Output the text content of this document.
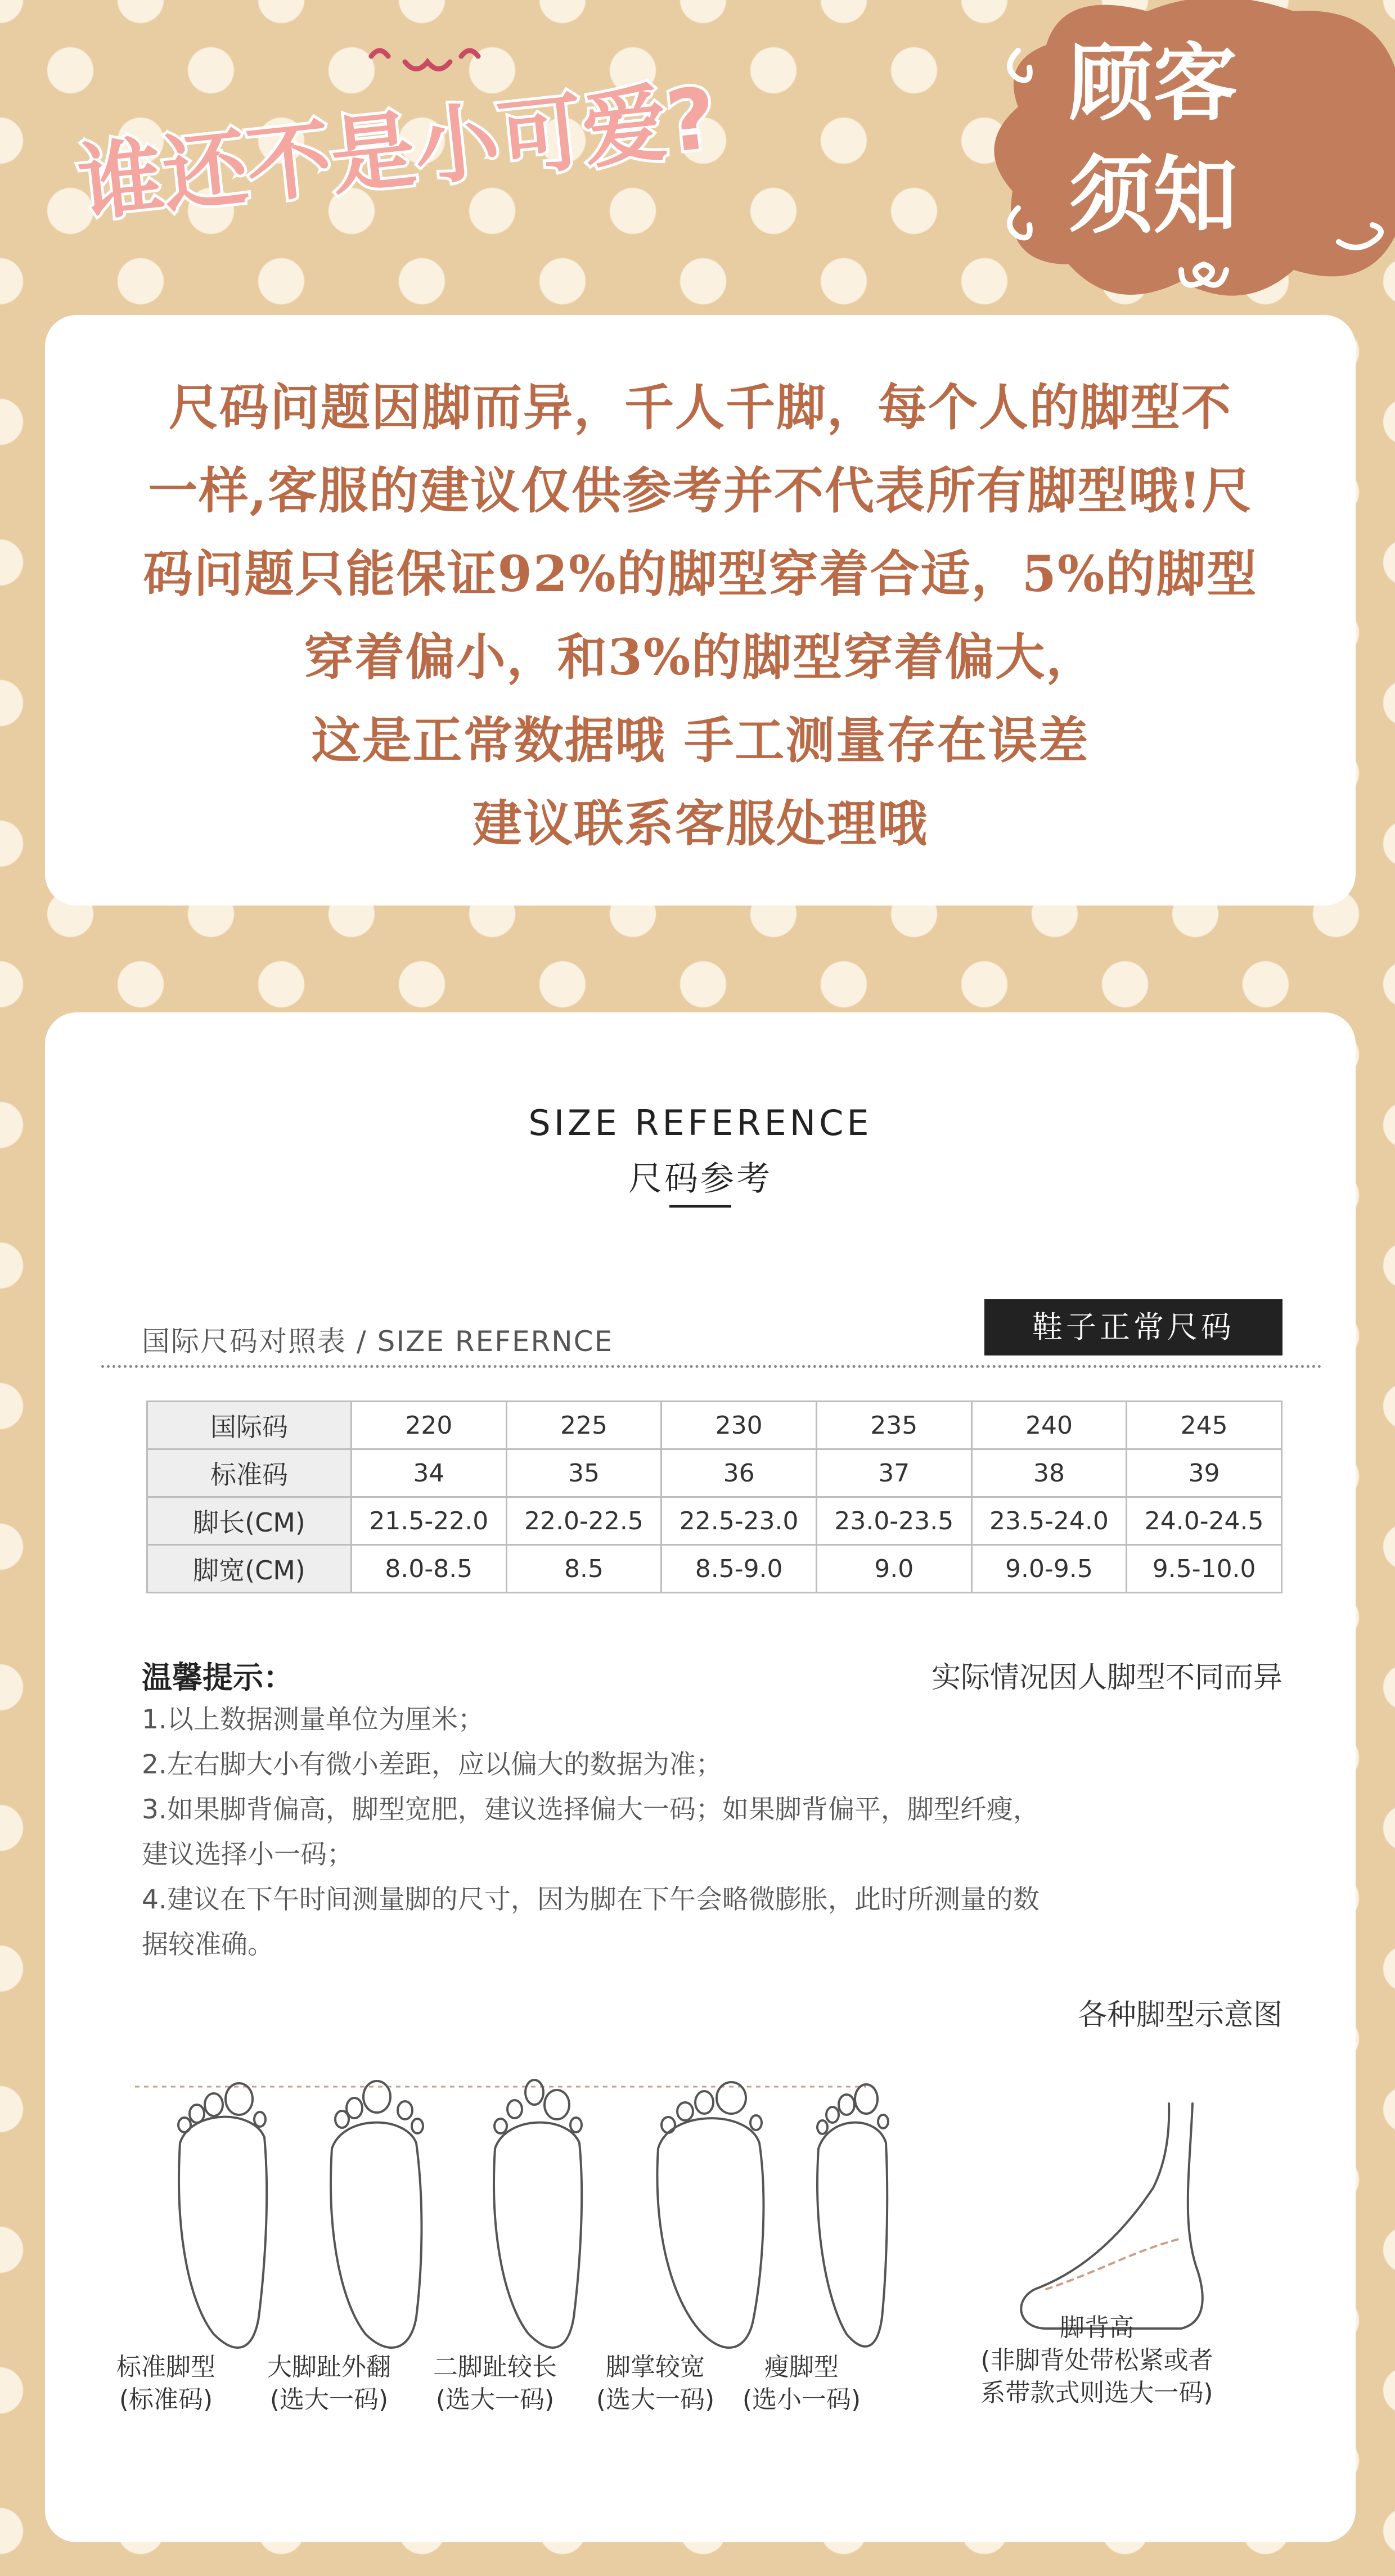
谁还不是小可爱?	顾客
须知
尺码问题因脚而异，千人千脚，每个人的脚型不
一样,客服的建议仅供参考并不代表所有脚型哦!尺
码问题只能保证92%的脚型穿着合适，5%的脚型
穿着偏小，和3%的脚型穿着偏大，
这是正常数据哦 手工测量存在误差
建议联系客服处理哦
SIZE REFERENCE
尺码参考
国际尺码对照表 / SIZE REFERNCE	鞋子正常尺码
国际码	220	225	230	235	240	245
标准码	34	35	36	37	38	39
脚长(CM)	21.5-22.0	22.0-22.5	22.5-23.0	23.0-23.5	23.5-24.0	24.0-24.5
脚宽(CM)	8.0-8.5	8.5	8.5-9.0	9.0	9.0-9.5	9.5-10.0
温馨提示：	实际情况因人脚型不同而异
1.以上数据测量单位为厘米；
2.左右脚大小有微小差距，应以偏大的数据为准；
3.如果脚背偏高，脚型宽肥，建议选择偏大一码；如果脚背偏平，脚型纤瘦，
建议选择小一码；
4.建议在下午时间测量脚的尺寸，因为脚在下午会略微膨胀，此时所测量的数
据较准确。
各种脚型示意图
标准脚型
(标准码)
大脚趾外翻
(选大一码)
二脚趾较长
(选大一码)
脚掌较宽
(选大一码)
瘦脚型
(选小一码)
脚背高
(非脚背处带松紧或者
系带款式则选大一码)
